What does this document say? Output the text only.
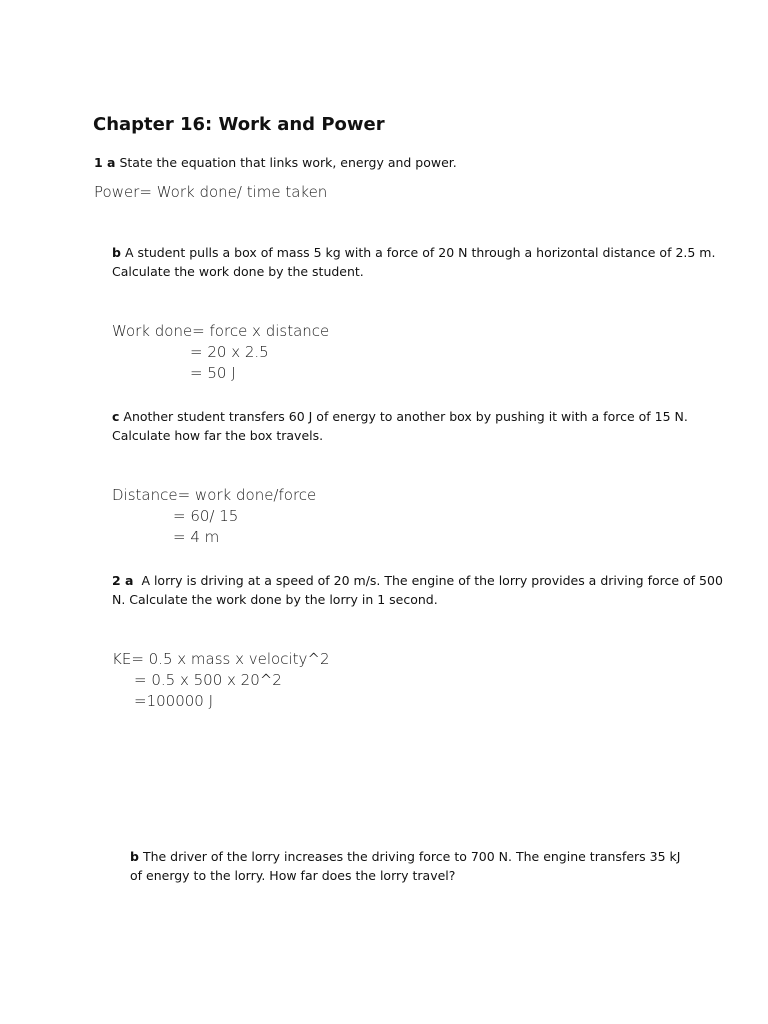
Chapter 16: Work and Power
1 a State the equation that links work, energy and power.
Power= Work done/ time taken
b A student pulls a box of mass 5 kg with a force of 20 N through a horizontal distance of 2.5 m.
Calculate the work done by the student.
Work done= force x distance
= 20 x 2.5
= 50 J
c Another student transfers 60 J of energy to another box by pushing it with a force of 15 N.
Calculate how far the box travels.
Distance= work done/force
= 60/ 15
= 4 m
2 a A lorry is driving at a speed of 20 m/s. The engine of the lorry provides a driving force of 500
N. Calculate the work done by the lorry in 1 second.
KE= 0.5 x mass x velocity^2
= 0.5 x 500 x 20^2
=100000 J
b The driver of the lorry increases the driving force to 700 N. The engine transfers 35 kJ
of energy to the lorry. How far does the lorry travel?
